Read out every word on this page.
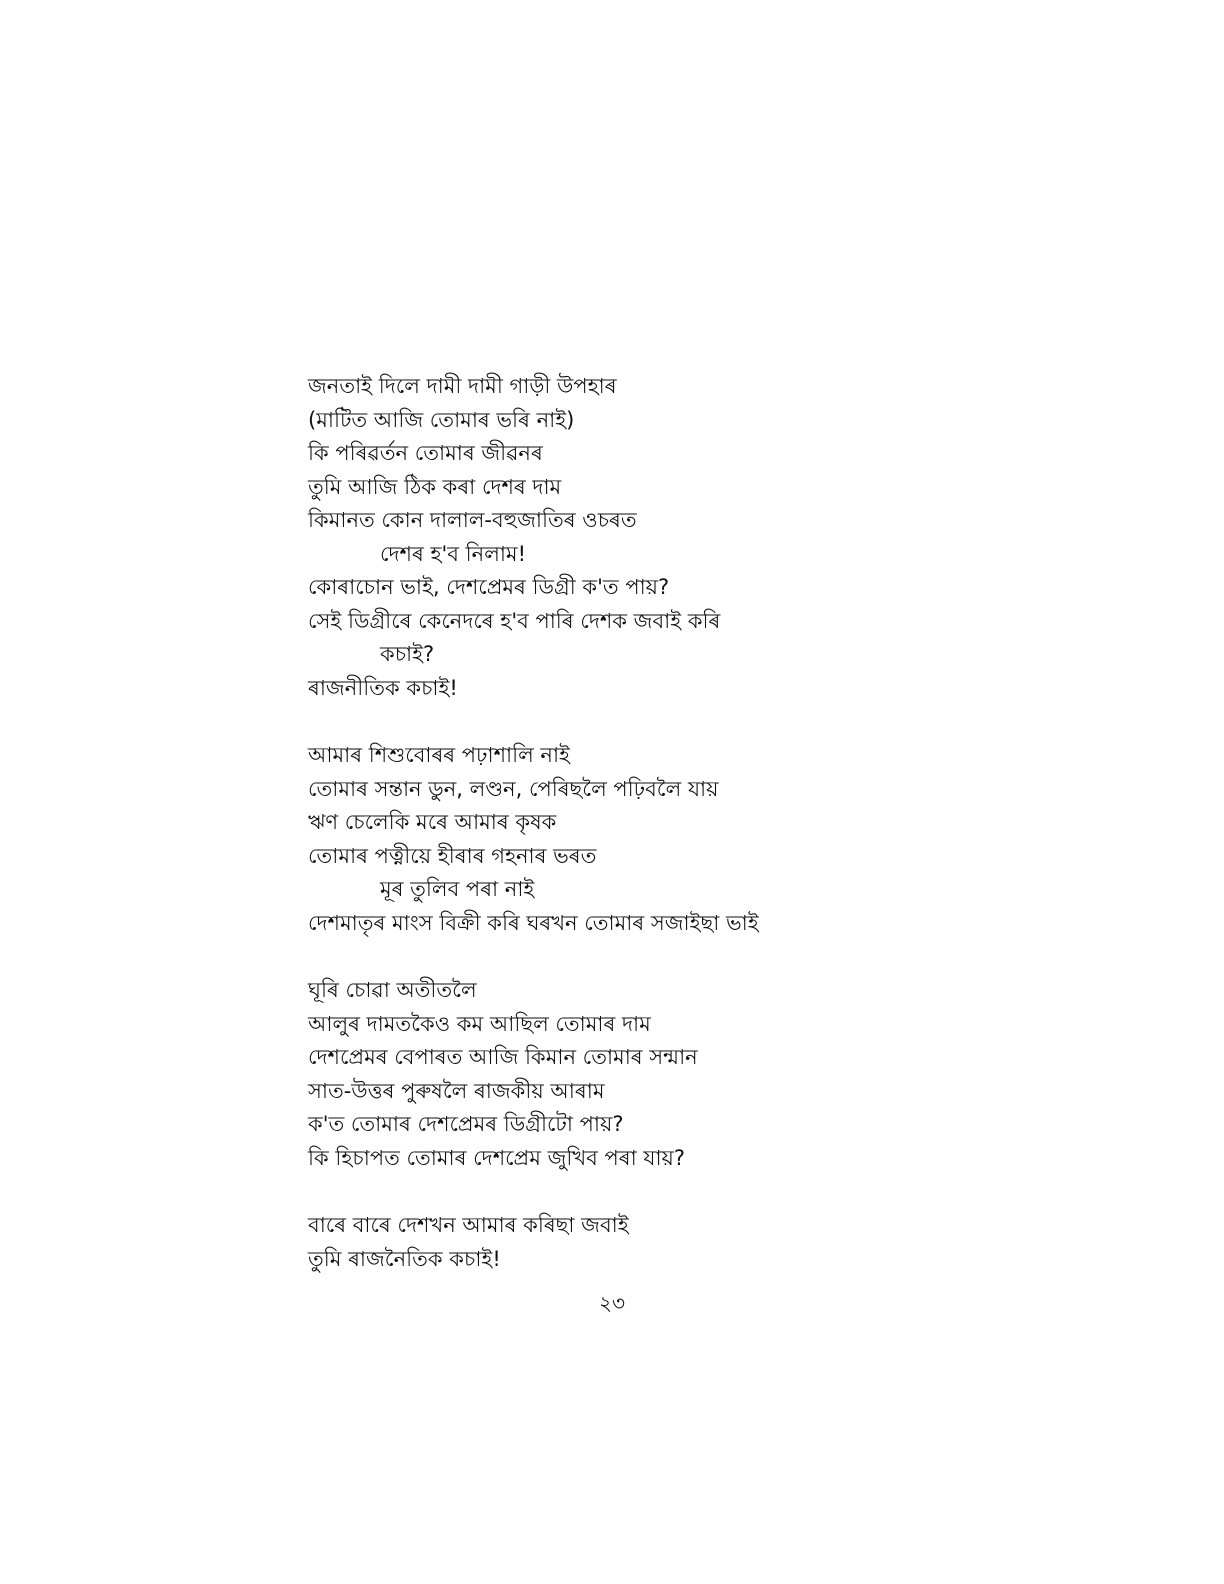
জনতাই দিলে দামী দামী গাড়ী উপহাৰ
(মাটিত আজি তোমাৰ ভৰি নাই)
কি পৰিৱৰ্তন তোমাৰ জীৱনৰ
তুমি আজি ঠিক কৰা দেশৰ দাম
কিমানত কোন দালাল-বহুজাতিৰ ওচৰত
দেশৰ হ'ব নিলাম!
কোৰাচোন ভাই, দেশপ্ৰেমৰ ডিগ্ৰী ক'ত পায়?
সেই ডিগ্ৰীৰে কেনেদৰে হ'ব পাৰি দেশক জবাই কৰি
কচাই?
ৰাজনীতিক কচাই!
আমাৰ শিশুবোৰৰ পঢ়াশালি নাই
তোমাৰ সন্তান ডুন, লণ্ডন, পেৰিছলৈ পঢ়িবলৈ যায়
ঋণ চেলেকি মৰে আমাৰ কৃষক
তোমাৰ পত্নীয়ে হীৰাৰ গহনাৰ ভৰত
মূৰ তুলিব পৰা নাই
দেশমাতৃৰ মাংস বিক্ৰী কৰি ঘৰখন তোমাৰ সজাইছা ভাই
ঘূৰি চোৱা অতীতলৈ
আলুৰ দামতকৈও কম আছিল তোমাৰ দাম
দেশপ্ৰেমৰ বেপাৰত আজি কিমান তোমাৰ সন্মান
সাত-উত্তৰ পুৰুষলৈ ৰাজকীয় আৰাম
ক'ত তোমাৰ দেশপ্ৰেমৰ ডিগ্ৰীটো পায়?
কি হিচাপত তোমাৰ দেশপ্ৰেম জুখিব পৰা যায়?
বাৰে বাৰে দেশখন আমাৰ কৰিছা জবাই
তুমি ৰাজনৈতিক কচাই!
২৩
